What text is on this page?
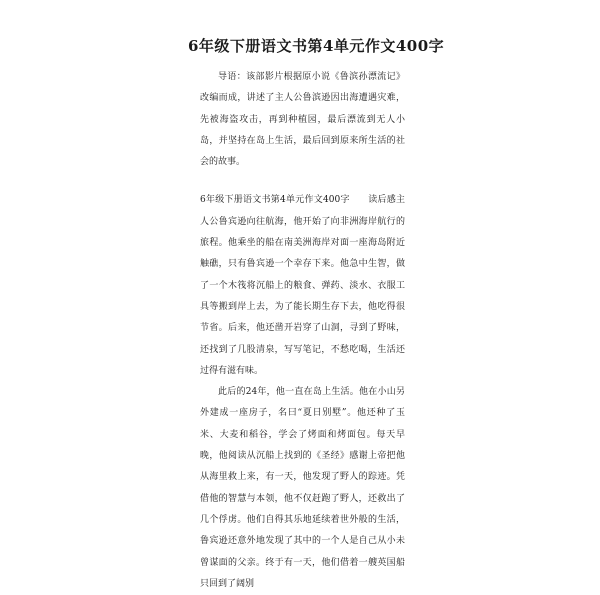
6年级下册语文书第4单元作文400字

导语：该部影片根据原小说《鲁滨孙漂流记》改编而成，讲述了主人公鲁滨逊因出海遭遇灾难，先被海盗攻击，再到种植园，最后漂流到无人小岛，并坚持在岛上生活，最后回到原来所生活的社会的故事。

6年级下册语文书第4单元作文400字　　读后感主人公鲁宾逊向往航海，他开始了向非洲海岸航行的旅程。他乘坐的船在南美洲海岸对面一座海岛附近触礁，只有鲁宾逊一个幸存下来。他急中生智，做了一个木筏将沉船上的粮食、弹药、淡水、衣服工具等搬到岸上去，为了能长期生存下去，他吃得很节省。后来，他还凿开岩穿了山洞，寻到了野味，还找到了几股清泉，写写笔记，不愁吃喝，生活还过得有滋有味。

此后的24年，他一直在岛上生活。他在小山另外建成一座房子，名曰“夏日别墅”。他还种了玉米、大麦和稻谷，学会了烤面和烤面包。每天早晚，他阅读从沉船上找到的《圣经》感谢上帝把他从海里救上来，有一天，他发现了野人的踪迹。凭借他的智慧与本领，他不仅赶跑了野人，还救出了几个俘虏。他们自得其乐地延续着世外般的生活，鲁宾逊还意外地发现了其中的一个人是自己从小未曾谋面的父亲。终于有一天，他们借着一艘英国船只回到了阔别
